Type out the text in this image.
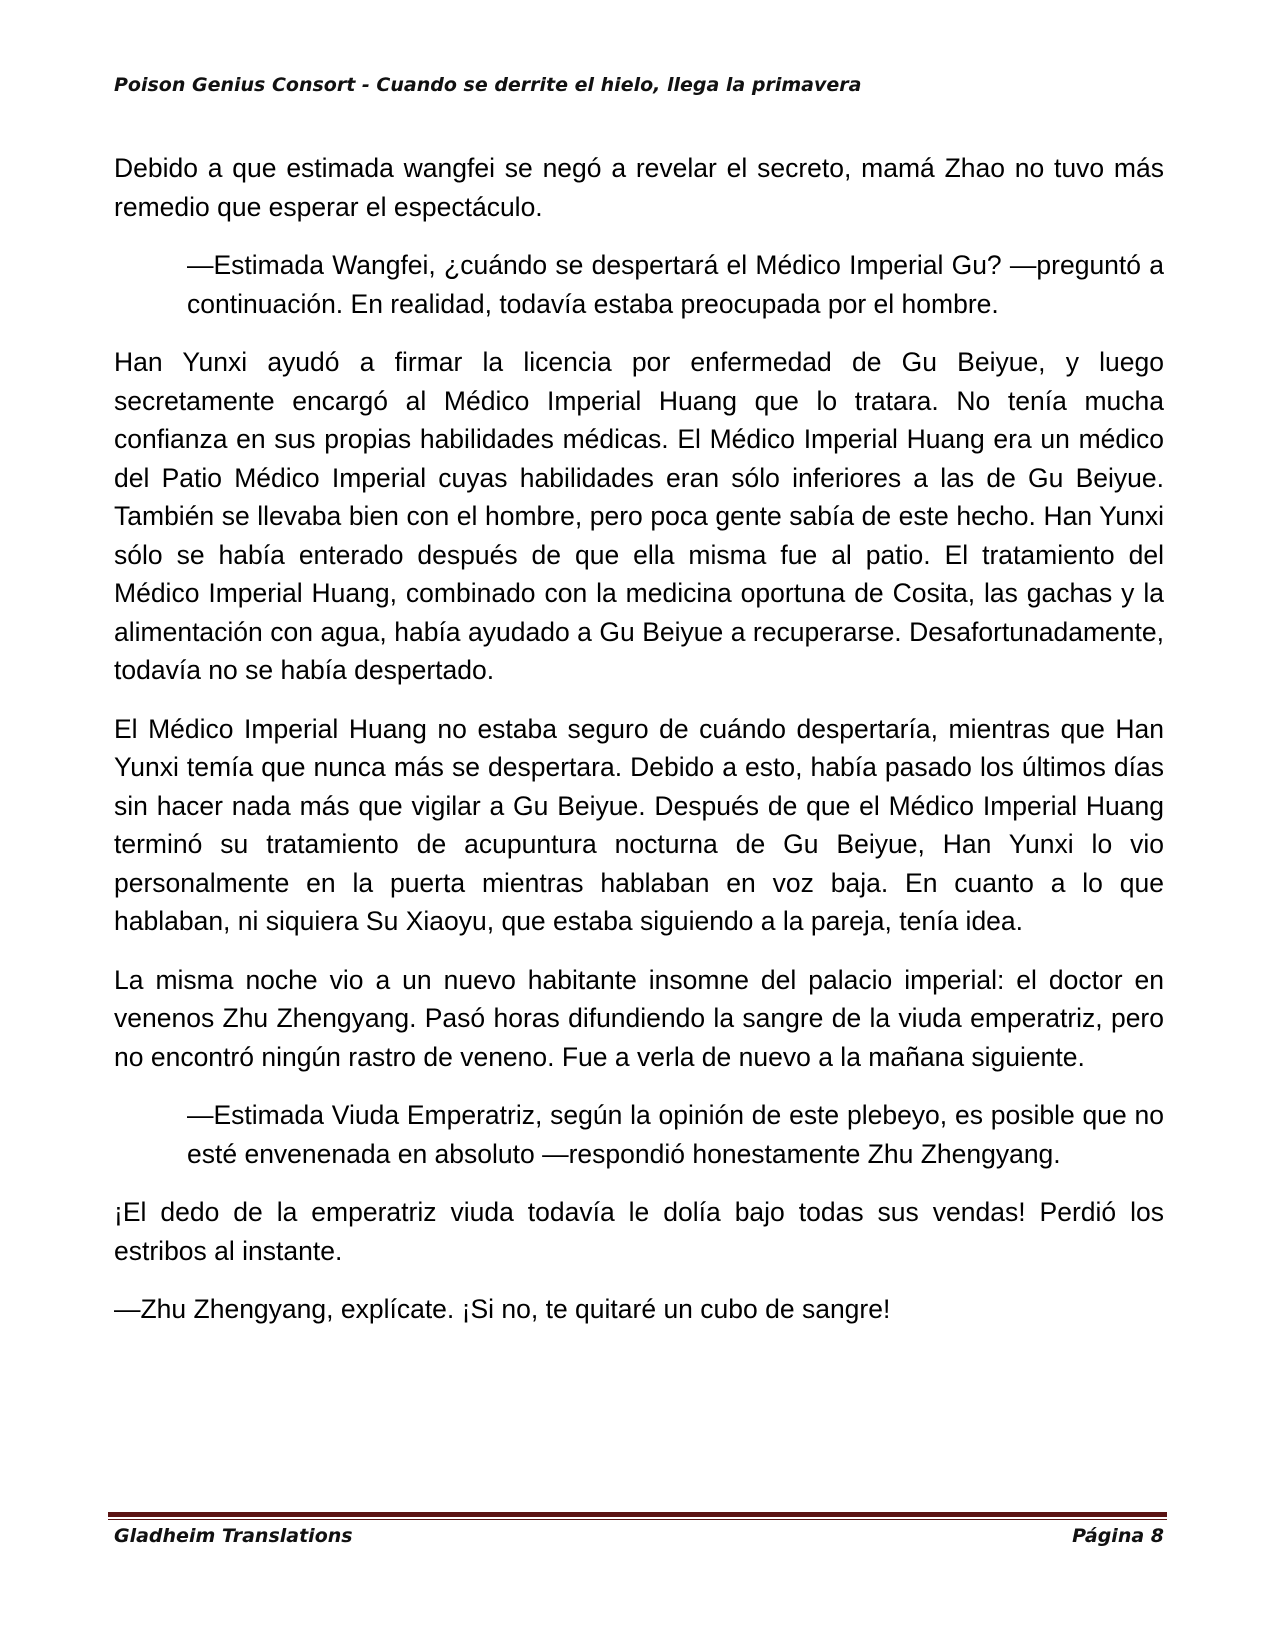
Poison Genius Consort - Cuando se derrite el hielo, llega la primavera

Debido a que estimada wangfei se negó a revelar el secreto, mamá Zhao no tuvo más remedio que esperar el espectáculo.

—Estimada Wangfei, ¿cuándo se despertará el Médico Imperial Gu? —preguntó a continuación. En realidad, todavía estaba preocupada por el hombre.

Han Yunxi ayudó a firmar la licencia por enfermedad de Gu Beiyue, y luego secretamente encargó al Médico Imperial Huang que lo tratara. No tenía mucha confianza en sus propias habilidades médicas. El Médico Imperial Huang era un médico del Patio Médico Imperial cuyas habilidades eran sólo inferiores a las de Gu Beiyue. También se llevaba bien con el hombre, pero poca gente sabía de este hecho. Han Yunxi sólo se había enterado después de que ella misma fue al patio. El tratamiento del Médico Imperial Huang, combinado con la medicina oportuna de Cosita, las gachas y la alimentación con agua, había ayudado a Gu Beiyue a recuperarse. Desafortunadamente, todavía no se había despertado.

El Médico Imperial Huang no estaba seguro de cuándo despertaría, mientras que Han Yunxi temía que nunca más se despertara. Debido a esto, había pasado los últimos días sin hacer nada más que vigilar a Gu Beiyue. Después de que el Médico Imperial Huang terminó su tratamiento de acupuntura nocturna de Gu Beiyue, Han Yunxi lo vio personalmente en la puerta mientras hablaban en voz baja. En cuanto a lo que hablaban, ni siquiera Su Xiaoyu, que estaba siguiendo a la pareja, tenía idea.

La misma noche vio a un nuevo habitante insomne del palacio imperial: el doctor en venenos Zhu Zhengyang. Pasó horas difundiendo la sangre de la viuda emperatriz, pero no encontró ningún rastro de veneno. Fue a verla de nuevo a la mañana siguiente.

—Estimada Viuda Emperatriz, según la opinión de este plebeyo, es posible que no esté envenenada en absoluto —respondió honestamente Zhu Zhengyang.

¡El dedo de la emperatriz viuda todavía le dolía bajo todas sus vendas! Perdió los estribos al instante.

—Zhu Zhengyang, explícate. ¡Si no, te quitaré un cubo de sangre!

Gladheim Translations	Página 8
